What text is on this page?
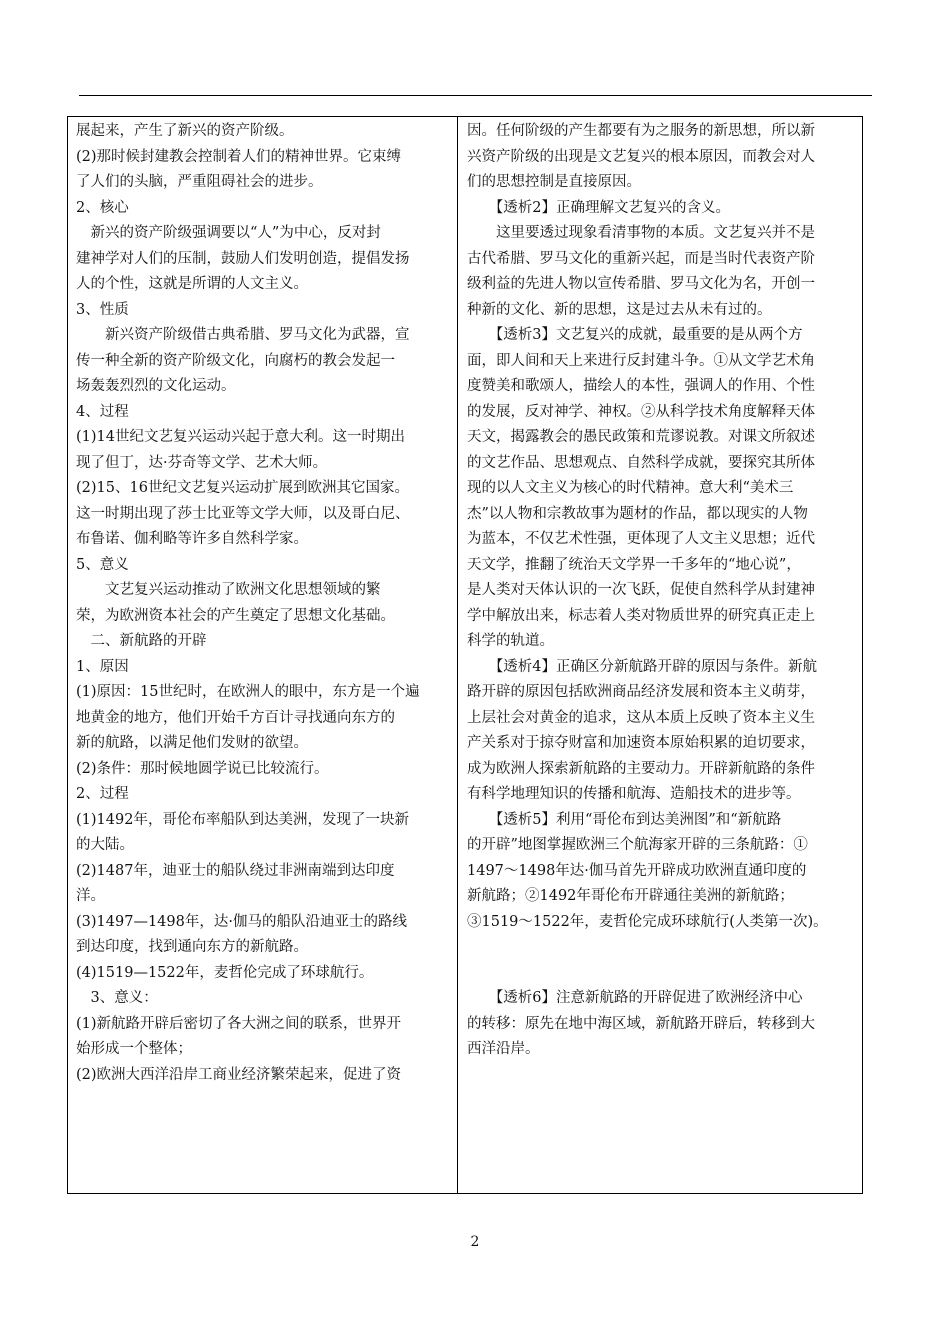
展起来，产生了新兴的资产阶级。
(2)那时候封建教会控制着人们的精神世界。它束缚
了人们的头脑，严重阻碍社会的进步。
2、核心
　新兴的资产阶级强调要以“人”为中心，反对封
建神学对人们的压制，鼓励人们发明创造，提倡发扬
人的个性，这就是所谓的人文主义。
3、性质
　　新兴资产阶级借古典希腊、罗马文化为武器，宣
传一种全新的资产阶级文化，向腐朽的教会发起一
场轰轰烈烈的文化运动。
4、过程
(1)14世纪文艺复兴运动兴起于意大利。这一时期出
现了但丁，达·芬奇等文学、艺术大师。
(2)15、16世纪文艺复兴运动扩展到欧洲其它国家。
这一时期出现了莎士比亚等文学大师，以及哥白尼、
布鲁诺、伽利略等许多自然科学家。
5、意义
　　文艺复兴运动推动了欧洲文化思想领域的繁
荣，为欧洲资本社会的产生奠定了思想文化基础。
　二、新航路的开辟
1、原因
(1)原因：15世纪时，在欧洲人的眼中，东方是一个遍
地黄金的地方，他们开始千方百计寻找通向东方的
新的航路，以满足他们发财的欲望。
(2)条件：那时候地圆学说已比较流行。
2、过程
(1)1492年，哥伦布率船队到达美洲，发现了一块新
的大陆。
(2)1487年，迪亚士的船队绕过非洲南端到达印度
洋。
(3)1497—1498年，达·伽马的船队沿迪亚士的路线
到达印度，找到通向东方的新航路。
(4)1519—1522年，麦哲伦完成了环球航行。
　3、意义：
(1)新航路开辟后密切了各大洲之间的联系，世界开
始形成一个整体；
(2)欧洲大西洋沿岸工商业经济繁荣起来，促进了资
因。任何阶级的产生都要有为之服务的新思想，所以新
兴资产阶级的出现是文艺复兴的根本原因，而教会对人
们的思想控制是直接原因。
　　【透析2】正确理解文艺复兴的含义。
　　这里要透过现象看清事物的本质。文艺复兴并不是
古代希腊、罗马文化的重新兴起，而是当时代表资产阶
级利益的先进人物以宣传希腊、罗马文化为名，开创一
种新的文化、新的思想，这是过去从未有过的。
　　【透析3】文艺复兴的成就，最重要的是从两个方
面，即人间和天上来进行反封建斗争。①从文学艺术角
度赞美和歌颂人，描绘人的本性，强调人的作用、个性
的发展，反对神学、神权。②从科学技术角度解释天体
天文，揭露教会的愚民政策和荒谬说教。对课文所叙述
的文艺作品、思想观点、自然科学成就，要探究其所体
现的以人文主义为核心的时代精神。意大利“美术三
杰”以人物和宗教故事为题材的作品，都以现实的人物
为蓝本，不仅艺术性强，更体现了人文主义思想；近代
天文学，推翻了统治天文学界一千多年的“地心说”，
是人类对天体认识的一次飞跃，促使自然科学从封建神
学中解放出来，标志着人类对物质世界的研究真正走上
科学的轨道。
　　【透析4】正确区分新航路开辟的原因与条件。新航
路开辟的原因包括欧洲商品经济发展和资本主义萌芽，
上层社会对黄金的追求，这从本质上反映了资本主义生
产关系对于掠夺财富和加速资本原始积累的迫切要求，
成为欧洲人探索新航路的主要动力。开辟新航路的条件
有科学地理知识的传播和航海、造船技术的进步等。
　　【透析5】利用“哥伦布到达美洲图”和“新航路
的开辟”地图掌握欧洲三个航海家开辟的三条航路：①
1497～1498年达·伽马首先开辟成功欧洲直通印度的
新航路；②1492年哥伦布开辟通往美洲的新航路；
③1519～1522年，麦哲伦完成环球航行(人类第一次)。
　　【透析6】注意新航路的开辟促进了欧洲经济中心
的转移：原先在地中海区域，新航路开辟后，转移到大
西洋沿岸。
2
